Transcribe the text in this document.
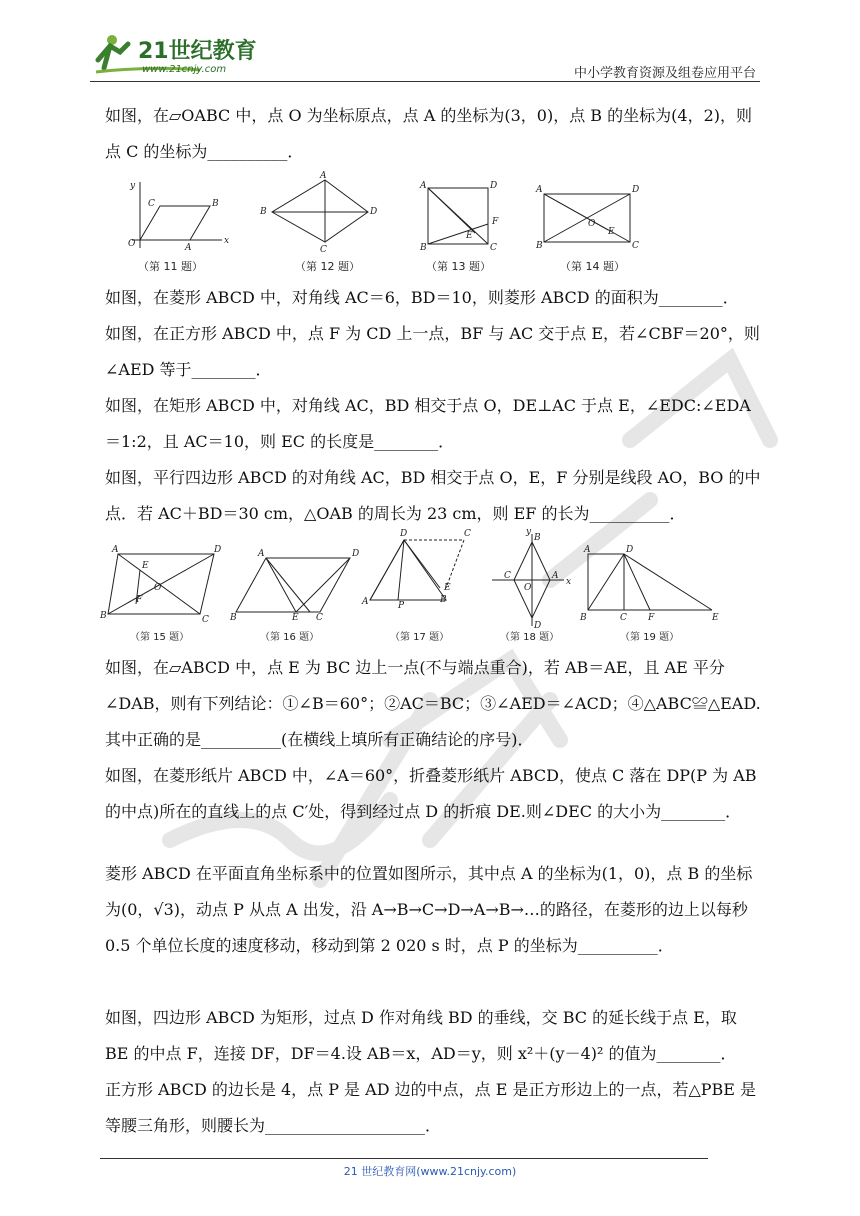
21世纪教育
www.21cnjy.com	中小学教育资源及组卷应用平台
如图，在▱OABC 中，点 O 为坐标原点，点 A 的坐标为(3，0)，点 B 的坐标为(4，2)，则点 C 的坐标为__________．
y
x
O	A
B
C
A
B	D
C
A	D
B	C
F
E
A	D
B	C
O
E
（第 11 题）	（第 12 题）	（第 13 题）	（第 14 题）
如图，在菱形 ABCD 中，对角线 AC＝6，BD＝10，则菱形 ABCD 的面积为________．
如图，在正方形 ABCD 中，点 F 为 CD 上一点，BF 与 AC 交于点 E，若∠CBF＝20°，则∠AED 等于________．
如图，在矩形 ABCD 中，对角线 AC，BD 相交于点 O，DE⊥AC 于点 E，∠EDC:∠EDA＝1:2，且 AC＝10，则 EC 的长度是________．
如图，平行四边形 ABCD 的对角线 AC，BD 相交于点 O，E，F 分别是线段 AO，BO 的中点．若 AC＋BD＝30 cm，△OAB 的周长为 23 cm，则 EF 的长为__________．
A	D
B	C
E
O
F
A	D
B	C
E
D	C
A	P
E
B
y
x
B
A
C
D
O
A	D
B	C F	E
（第 15 题）	（第 16 题）	（第 17 题）	（第 18 题）	（第 19 题）
如图，在▱ABCD 中，点 E 为 BC 边上一点(不与端点重合)，若 AB＝AE，且 AE 平分∠DAB，则有下列结论：①∠B＝60°；②AC＝BC；③∠AED＝∠ACD；④△ABC≌△EAD.其中正确的是__________(在横线上填所有正确结论的序号)．
如图，在菱形纸片 ABCD 中，∠A＝60°，折叠菱形纸片 ABCD，使点 C 落在 DP(P 为 AB 的中点)所在的直线上的点 C′处，得到经过点 D 的折痕 DE.则∠DEC 的大小为________．
菱形 ABCD 在平面直角坐标系中的位置如图所示，其中点 A 的坐标为(1，0)，点 B 的坐标为(0，√3)，动点 P 从点 A 出发，沿 A→B→C→D→A→B→…的路径，在菱形的边上以每秒 0.5 个单位长度的速度移动，移动到第 2 020 s 时，点 P 的坐标为__________．
如图，四边形 ABCD 为矩形，过点 D 作对角线 BD 的垂线，交 BC 的延长线于点 E，取 BE 的中点 F，连接 DF，DF＝4.设 AB＝x，AD＝y，则 x²＋(y－4)² 的值为________．
正方形 ABCD 的边长是 4，点 P 是 AD 边的中点，点 E 是正方形边上的一点，若△PBE 是等腰三角形，则腰长为____________________．
21 世纪教育网(www.21cnjy.com)
